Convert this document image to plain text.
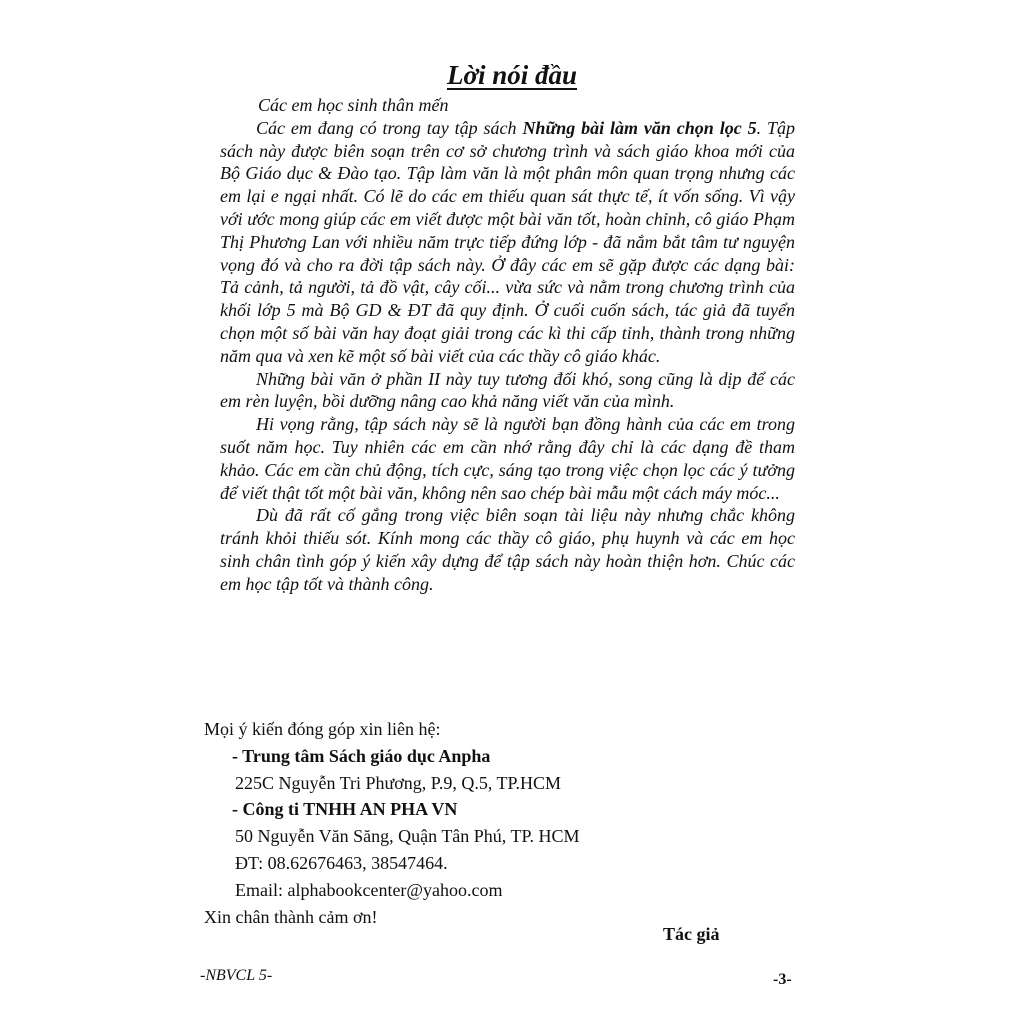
Lời nói đầu

Các em học sinh thân mến

Các em đang có trong tay tập sách Những bài làm văn chọn lọc 5. Tập sách này được biên soạn trên cơ sở chương trình và sách giáo khoa mới của Bộ Giáo dục & Đào tạo. Tập làm văn là một phân môn quan trọng nhưng các em lại e ngại nhất. Có lẽ do các em thiếu quan sát thực tế, ít vốn sống. Vì vậy với ước mong giúp các em viết được một bài văn tốt, hoàn chỉnh, cô giáo Phạm Thị Phương Lan với nhiều năm trực tiếp đứng lớp - đã nắm bắt tâm tư nguyện vọng đó và cho ra đời tập sách này. Ở đây các em sẽ gặp được các dạng bài: Tả cảnh, tả người, tả đồ vật, cây cối... vừa sức và nằm trong chương trình của khối lớp 5 mà Bộ GD & ĐT đã quy định. Ở cuối cuốn sách, tác giả đã tuyển chọn một số bài văn hay đoạt giải trong các kì thi cấp tỉnh, thành trong những năm qua và xen kẽ một số bài viết của các thầy cô giáo khác.

Những bài văn ở phần II này tuy tương đối khó, song cũng là dịp để các em rèn luyện, bồi dưỡng nâng cao khả năng viết văn của mình.

Hi vọng rằng, tập sách này sẽ là người bạn đồng hành của các em trong suốt năm học. Tuy nhiên các em cần nhớ rằng đây chỉ là các dạng đề tham khảo. Các em cần chủ động, tích cực, sáng tạo trong việc chọn lọc các ý tưởng để viết thật tốt một bài văn, không nên sao chép bài mẫu một cách máy móc...

Dù đã rất cố gắng trong việc biên soạn tài liệu này nhưng chắc không tránh khỏi thiếu sót. Kính mong các thầy cô giáo, phụ huynh và các em học sinh chân tình góp ý kiến xây dựng để tập sách này hoàn thiện hơn. Chúc các em học tập tốt và thành công.

Mọi ý kiến đóng góp xin liên hệ:
- Trung tâm Sách giáo dục Anpha
225C Nguyễn Tri Phương, P.9, Q.5, TP.HCM
- Công ti TNHH AN PHA VN
50 Nguyễn Văn Săng, Quận Tân Phú, TP. HCM
ĐT: 08.62676463, 38547464.
Email: alphabookcenter@yahoo.com
Xin chân thành cảm ơn!
Tác giả
-NBVCL 5-	-3-
